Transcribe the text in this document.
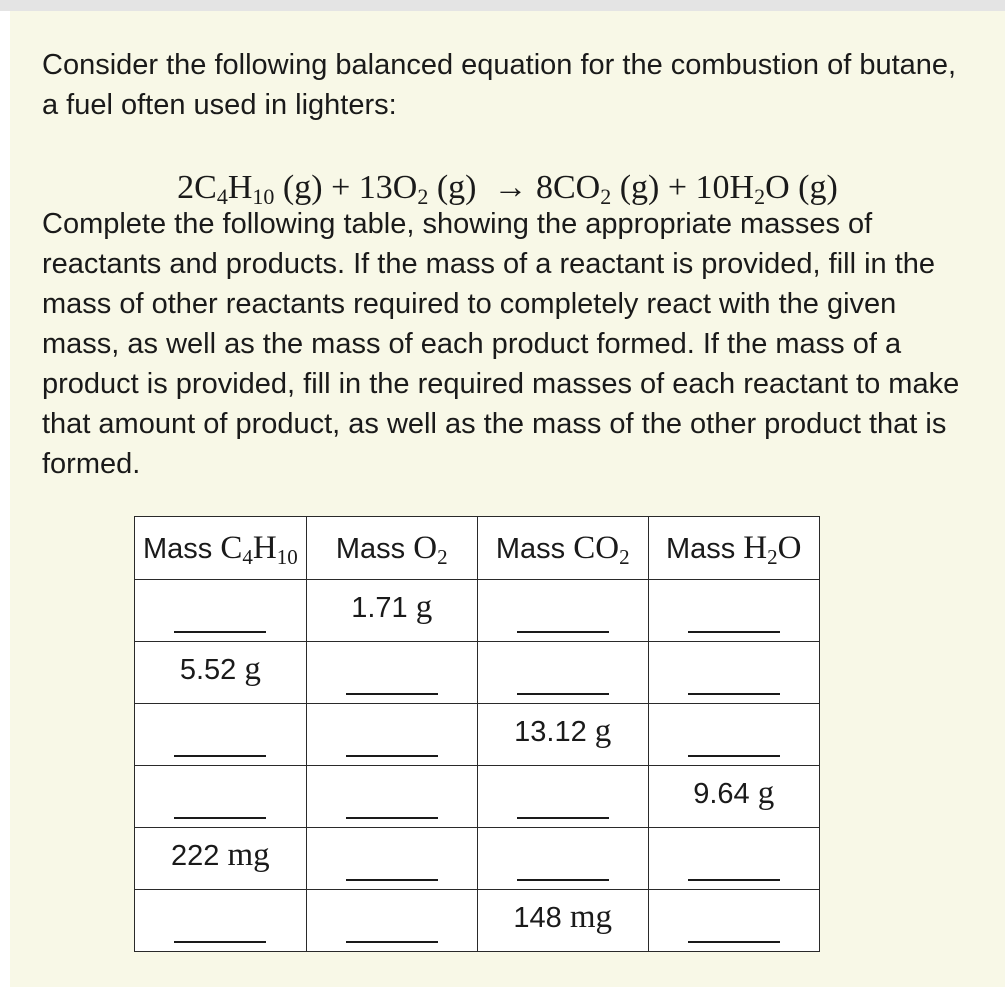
Consider the following balanced equation for the combustion of butane, a fuel often used in lighters:

$2C_4H_{10}$ $(g) + 13O_2$ $(g) \to 8CO_2$ $(g) + 10H_2O$ (g)

Complete the following table, showing the appropriate masses of reactants and products. If the mass of a reactant is provided, fill in the mass of other reactants required to completely react with the given mass, as well as the mass of each product formed. If the mass of a product is provided, fill in the required masses of each reactant to make that amount of product, as well as the mass of the other product that is formed.

Mass $C_4H_{10}$	Mass $O_2$	Mass $CO_2$	Mass $H_2O$
	1.71 g		
5.52 g			
		13.12 g	
			9.64 g
222 mg			
		148 mg	
